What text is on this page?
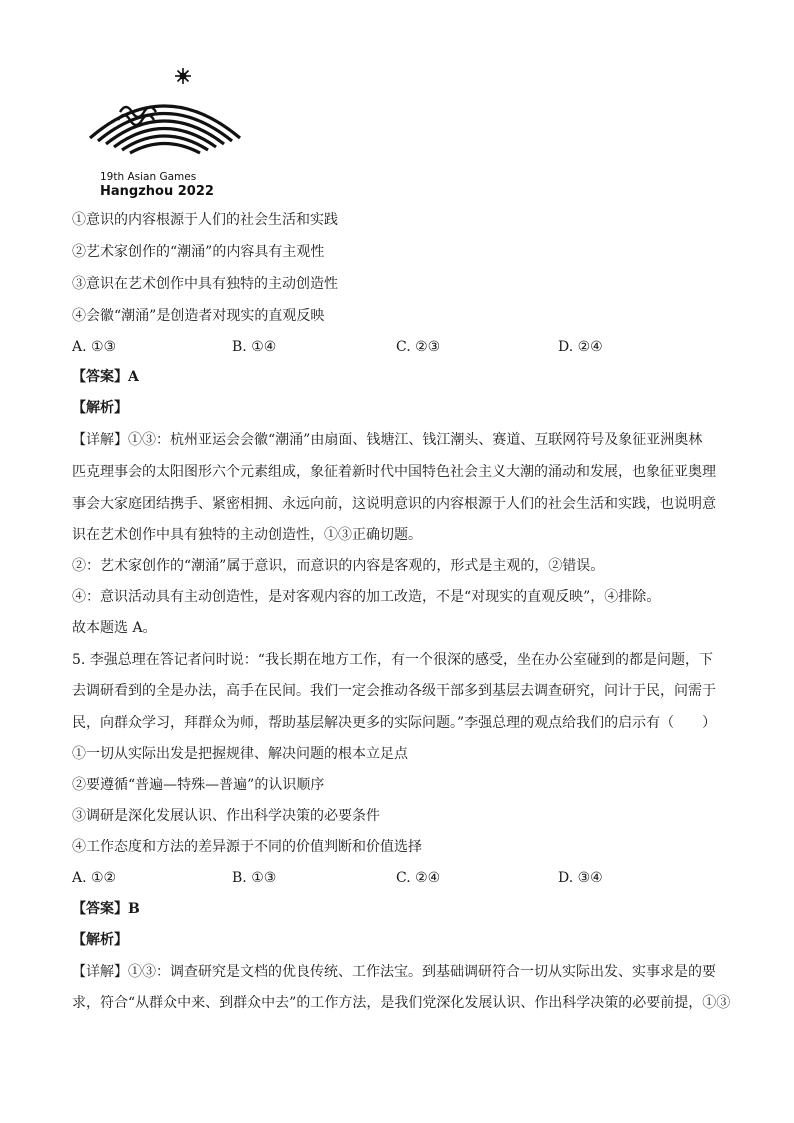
19th Asian Games
Hangzhou 2022
①意识的内容根源于人们的社会生活和实践
②艺术家创作的“潮涌”的内容具有主观性
③意识在艺术创作中具有独特的主动创造性
④会徽“潮涌”是创造者对现实的直观反映
A. ①③	B. ①④	C. ②③	D. ②④
【答案】A
【解析】
【详解】①③：杭州亚运会会徽“潮涌”由扇面、钱塘江、钱江潮头、赛道、互联网符号及象征亚洲奥林
匹克理事会的太阳图形六个元素组成，象征着新时代中国特色社会主义大潮的涌动和发展，也象征亚奥理
事会大家庭团结携手、紧密相拥、永远向前，这说明意识的内容根源于人们的社会生活和实践，也说明意
识在艺术创作中具有独特的主动创造性，①③正确切题。
②：艺术家创作的“潮涌”属于意识，而意识的内容是客观的，形式是主观的，②错误。
④：意识活动具有主动创造性，是对客观内容的加工改造，不是“对现实的直观反映”，④排除。
故本题选 A。
5. 李强总理在答记者问时说：“我长期在地方工作，有一个很深的感受，坐在办公室碰到的都是问题，下
去调研看到的全是办法，高手在民间。我们一定会推动各级干部多到基层去调查研究，问计于民，问需于
民，向群众学习，拜群众为师，帮助基层解决更多的实际问题。”李强总理的观点给我们的启示有（　　）
①一切从实际出发是把握规律、解决问题的根本立足点
②要遵循“普遍—特殊—普遍”的认识顺序
③调研是深化发展认识、作出科学决策的必要条件
④工作态度和方法的差异源于不同的价值判断和价值选择
A. ①②	B. ①③	C. ②④	D. ③④
【答案】B
【解析】
【详解】①③：调查研究是文档的优良传统、工作法宝。到基础调研符合一切从实际出发、实事求是的要
求，符合“从群众中来、到群众中去”的工作方法，是我们党深化发展认识、作出科学决策的必要前提，①③
